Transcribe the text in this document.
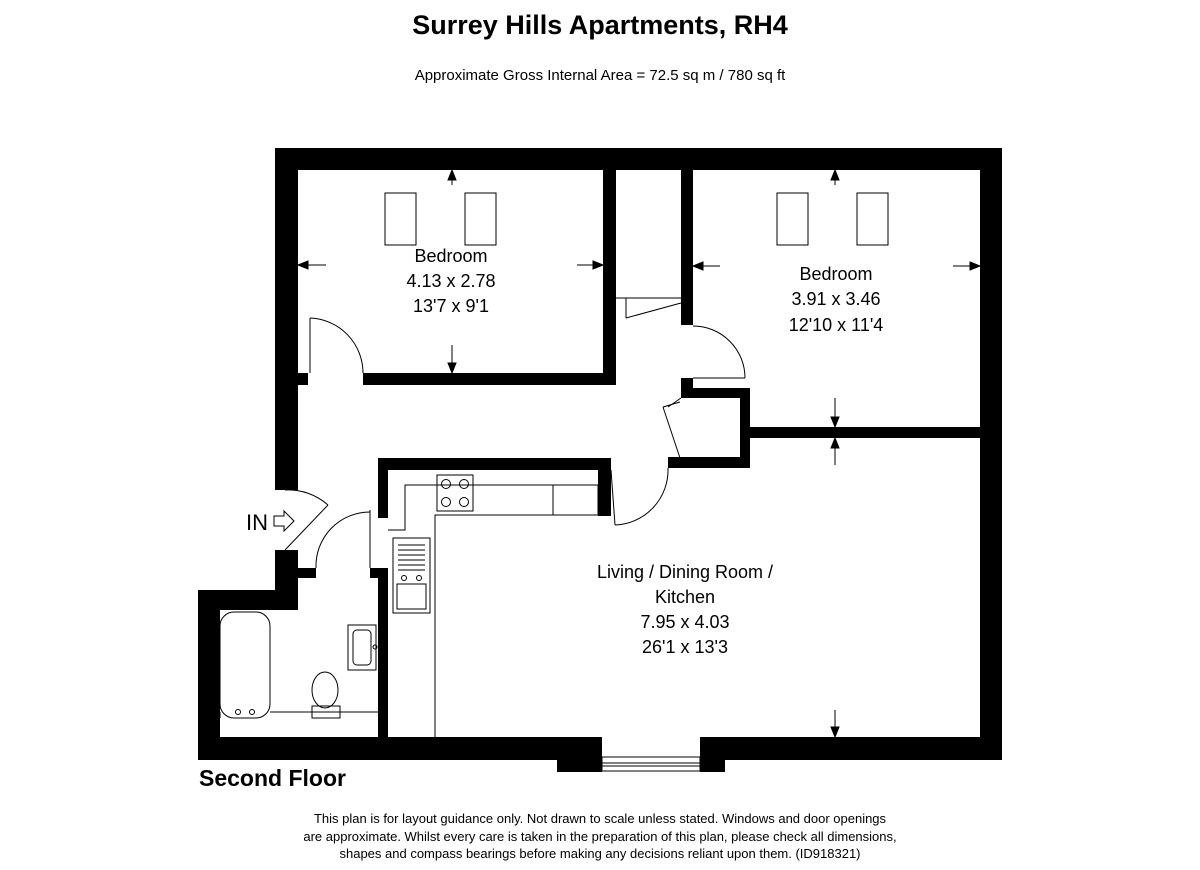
Surrey Hills Apartments, RH4
Approximate Gross Internal Area = 72.5 sq m / 780 sq ft
Bedroom
4.13 x 2.78
13'7 x 9'1
Bedroom
3.91 x 3.46
12'10 x 11'4
Living / Dining Room /
Kitchen
7.95 x 4.03
26'1 x 13'3
IN
Second Floor
This plan is for layout guidance only. Not drawn to scale unless stated. Windows and door openings
are approximate. Whilst every care is taken in the preparation of this plan, please check all dimensions,
shapes and compass bearings before making any decisions reliant upon them. (ID918321)
